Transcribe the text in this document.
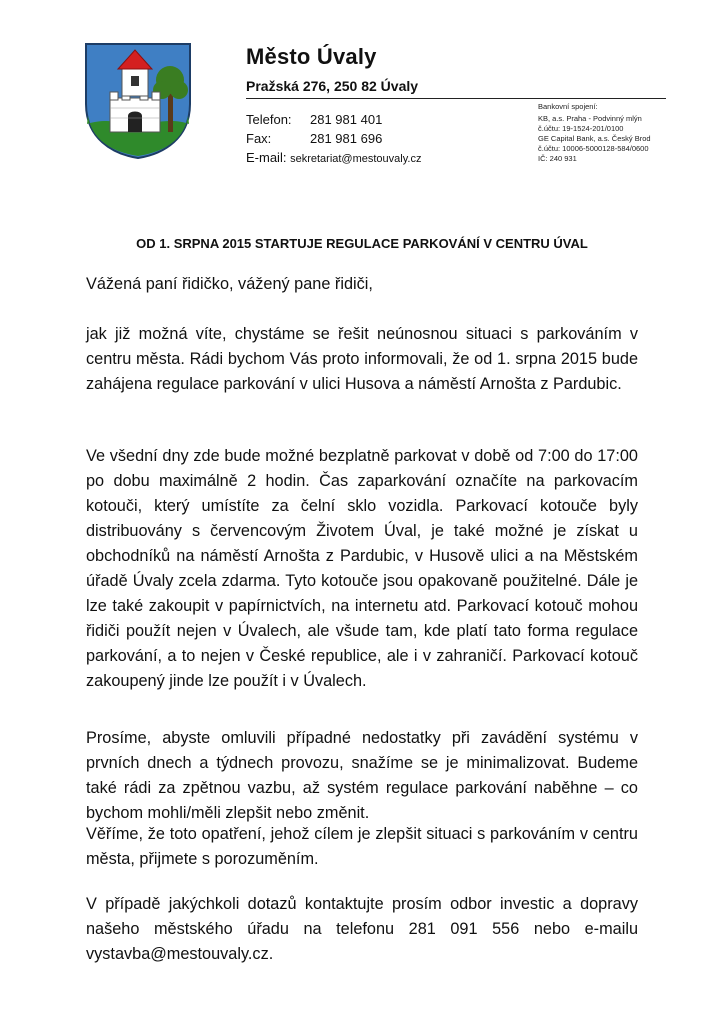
Město Úvaly
Pražská 276, 250 82 Úvaly
Telefon: 281 981 401
Fax:	281 981 696
E-mail: sekretariat@mestouvaly.cz
Bankovní spojení:
KB, a.s. Praha - Podvinný mlýn
č.účtu: 19-1524-201/0100
GE Capital Bank, a.s. Český Brod
č.účtu: 10006-5000128-584/0600
IČ: 240 931
OD 1. SRPNA 2015 STARTUJE REGULACE PARKOVÁNÍ V CENTRU ÚVAL

Vážená paní řidičko, vážený pane řidiči,

jak již možná víte, chystáme se řešit neúnosnou situaci s parkováním v centru města. Rádi bychom Vás proto informovali, že od 1. srpna 2015 bude zahájena regulace parkování v ulici Husova a náměstí Arnošta z Pardubic.

Ve všední dny zde bude možné bezplatně parkovat v době od 7:00 do 17:00 po dobu maximálně 2 hodin. Čas zaparkování označíte na parkovacím kotouči, který umístíte za čelní sklo vozidla. Parkovací kotouče byly distribuovány s červencovým Životem Úval, je také možné je získat u obchodníků na náměstí Arnošta z Pardubic, v Husově ulici a na Městském úřadě Úvaly zcela zdarma. Tyto kotouče jsou opakovaně použitelné. Dále je lze také zakoupit v papírnictvích, na internetu atd. Parkovací kotouč mohou řidiči použít nejen v Úvalech, ale všude tam, kde platí tato forma regulace parkování, a to nejen v České republice, ale i v zahraničí. Parkovací kotouč zakoupený jinde lze použít i v Úvalech.

Prosíme, abyste omluvili případné nedostatky při zavádění systému v prvních dnech a týdnech provozu, snažíme se je minimalizovat. Budeme také rádi za zpětnou vazbu, až systém regulace parkování naběhne – co bychom mohli/měli zlepšit nebo změnit.

Věříme, že toto opatření, jehož cílem je zlepšit situaci s parkováním v centru města, přijmete s porozuměním.

V případě jakýchkoli dotazů kontaktujte prosím odbor investic a dopravy našeho městského úřadu na telefonu 281 091 556 nebo e-mailu vystavba@mestouvaly.cz.
